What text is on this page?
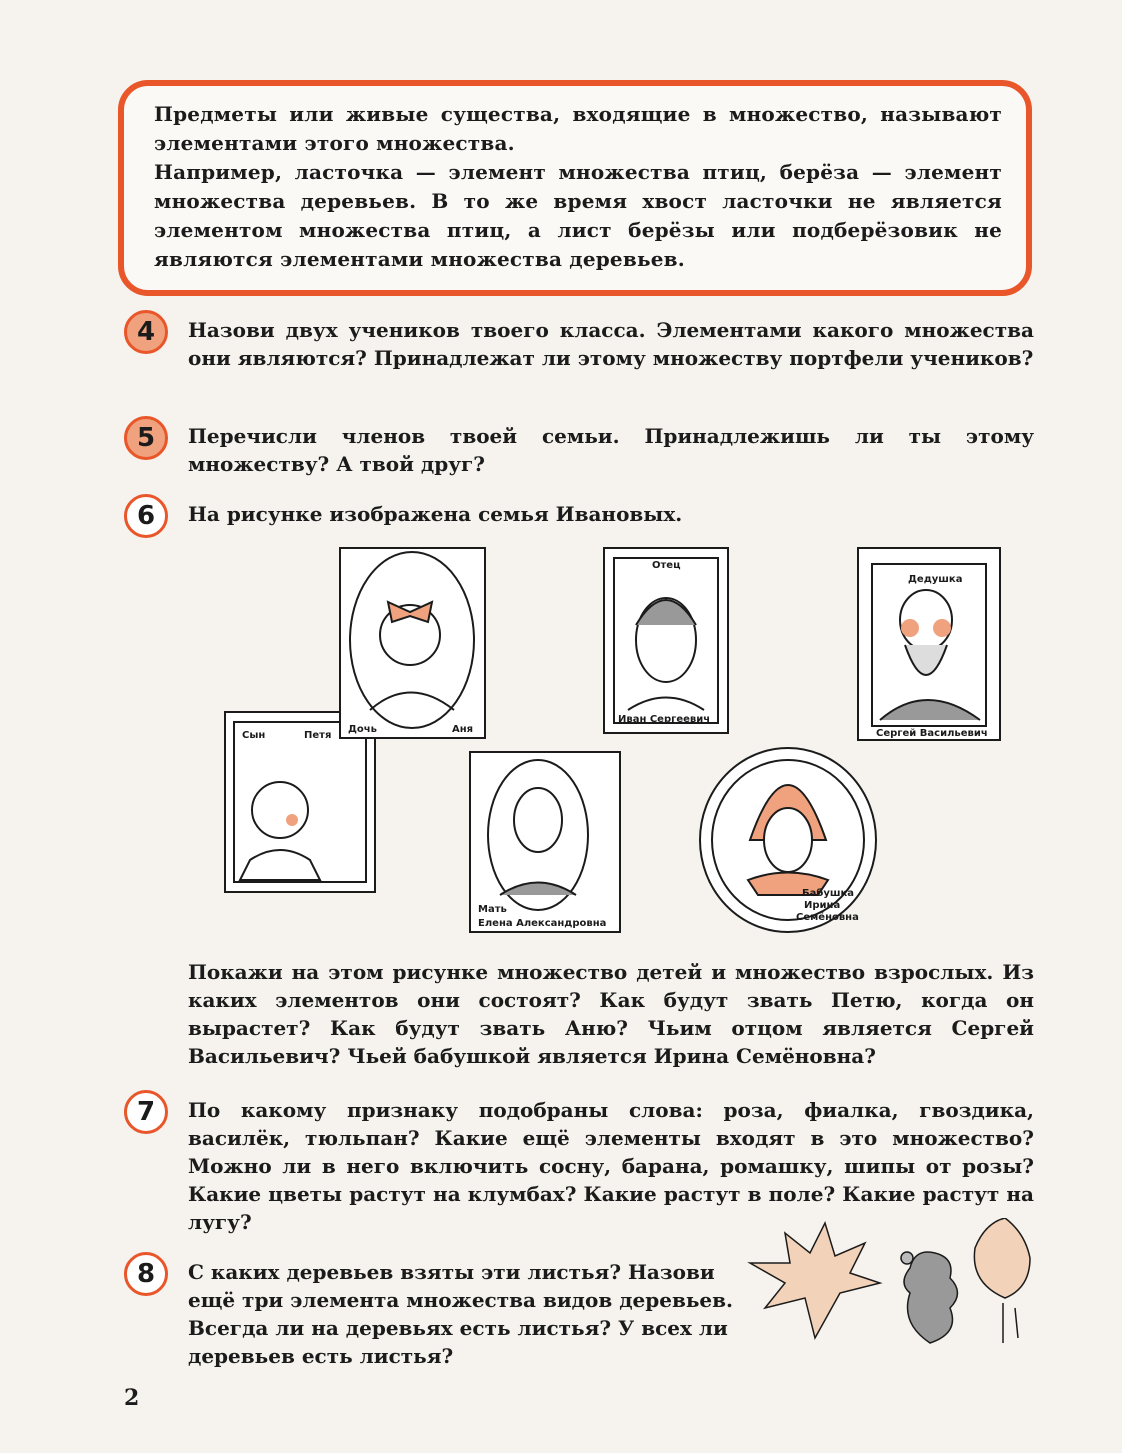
Предметы или живые существа, входящие в множество, называют элементами этого множества.
Например, ласточка — элемент множества птиц, берёза — элемент множества деревьев. В то же время хвост ласточки не является элементом множества птиц, а лист берёзы или подберёзовик не являются элементами множества деревьев.

4	Назови двух учеников твоего класса. Элементами какого множества они являются? Принадлежат ли этому множеству портфели учеников?
5	Перечисли членов твоей семьи. Принадлежишь ли ты этому множеству? А твой друг?
6	На рисунке изображена семья Ивановых.
Сын	Петя
Дочь	Аня
Отец
Иван Сергеевич
Дедушка
Сергей Васильевич
Мать
Елена Александровна
Бабушка
Ирина
Семёновна
Покажи на этом рисунке множество детей и множество взрослых. Из каких элементов они состоят? Как будут звать Петю, когда он вырастет? Как будут звать Аню? Чьим отцом является Сергей Васильевич? Чьей бабушкой является Ирина Семёновна?
7	По какому признаку подобраны слова: роза, фиалка, гвоздика, василёк, тюльпан? Какие ещё элементы входят в это множество? Можно ли в него включить сосну, барана, ромашку, шипы от розы? Какие цветы растут на клумбах? Какие растут в поле? Какие растут на лугу?
8	С каких деревьев взяты эти листья? Назови ещё три элемента множества видов деревьев. Всегда ли на деревьях есть листья? У всех ли деревьев есть листья?
2
